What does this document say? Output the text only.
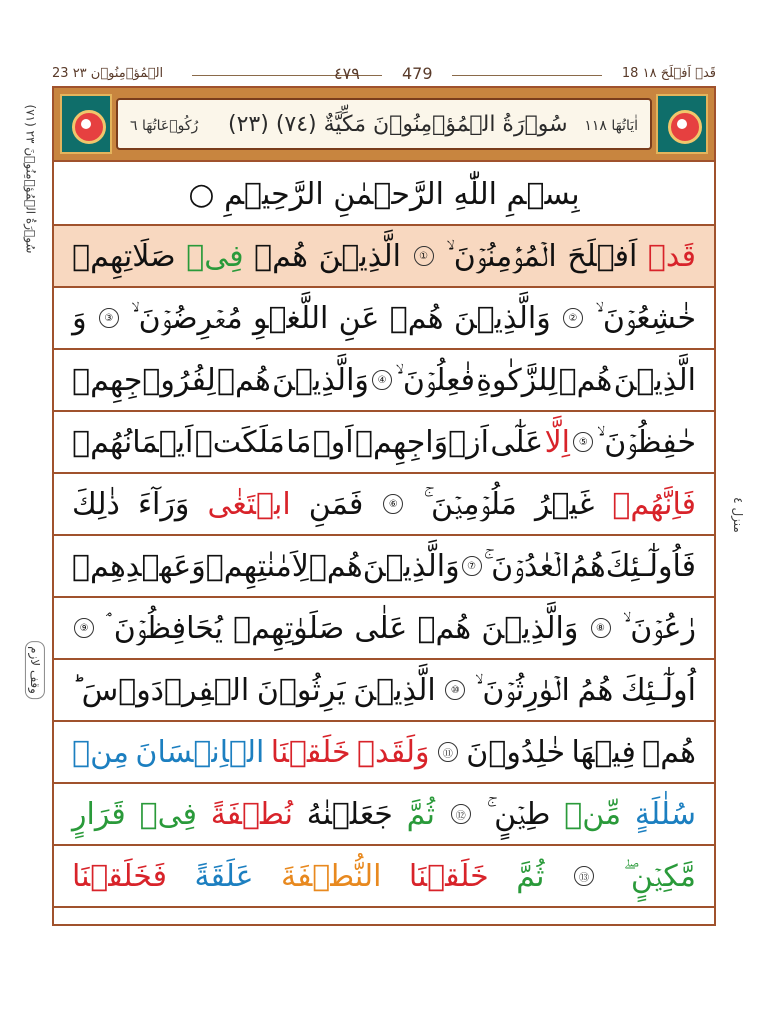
18 قَدۡ اَفۡلَحَ ١٨
٤٧٩	479
23 الۡمُؤۡمِنُوۡن ٢٣
اٰيَاتُهَا ١١٨
(٢٣) سُوۡرَةُ الۡمُؤۡمِنُوۡنَ مَكِّيَّةٌ (٧٤)
رُكُوۡعَاتُهَا ٦
بِسۡمِ اللّٰهِ الرَّحۡمٰنِ الرَّحِيۡمِ ○
قَدۡ
اَفۡلَحَ
الۡمُؤۡمِنُوۡنَ ۙ
①
الَّذِيۡنَ
هُمۡ
فِىۡ
صَلَاتِهِمۡ
خٰشِعُوۡنَ ۙ
②
وَالَّذِيۡنَ
هُمۡ
عَنِ
اللَّغۡوِ
مُعۡرِضُوۡنَ ۙ
③
وَ
الَّذِيۡنَ
هُمۡ
لِلزَّكٰوةِ
فٰعِلُوۡنَ ۙ
④
وَالَّذِيۡنَ
هُمۡ
لِفُرُوۡجِهِمۡ
حٰفِظُوۡنَ ۙ
⑤
اِلَّا
عَلٰٓى
اَزۡوَاجِهِمۡ
اَوۡ
مَا
مَلَكَتۡ
اَيۡمَانُهُمۡ
فَاِنَّهُمۡ
غَيۡرُ
مَلُوۡمِيۡنَ ۚ
⑥
فَمَنِ
ابۡتَغٰى
وَرَآءَ
ذٰلِكَ
فَاُولٰٓـئِكَ
هُمُ
الۡعٰدُوۡنَ ۚ
⑦
وَالَّذِيۡنَ
هُمۡ
لِاَمٰنٰتِهِمۡ
وَعَهۡدِهِمۡ
رٰعُوۡنَ ۙ
⑧
وَالَّذِيۡنَ
هُمۡ
عَلٰى
صَلَوٰتِهِمۡ
يُحَافِظُوۡنَ ۘ
⑨
اُولٰٓـئِكَ
هُمُ
الۡوٰرِثُوۡنَ ۙ
⑩
الَّذِيۡنَ
يَرِثُوۡنَ
الۡفِرۡدَوۡسَ ؕ
هُمۡ
فِيۡهَا
خٰلِدُوۡنَ
⑪
وَلَقَدۡ
خَلَقۡنَا
الۡاِنۡسَانَ
مِنۡ
سُلٰلَةٍ
مِّنۡ
طِيۡنٍ ۚ
⑫
ثُمَّ
جَعَلۡنٰهُ
نُطۡفَةً
فِىۡ
قَرَارٍ
مَّكِيۡنٍ ۖ
⑬
ثُمَّ
خَلَقۡنَا
النُّطۡفَةَ
عَلَقَةً
فَخَلَقۡنَا
(٧١) سُوۡرَةُ الۡمُؤۡمِنُوۡنَ ٢٣
وقف لازم
منزل ٤
